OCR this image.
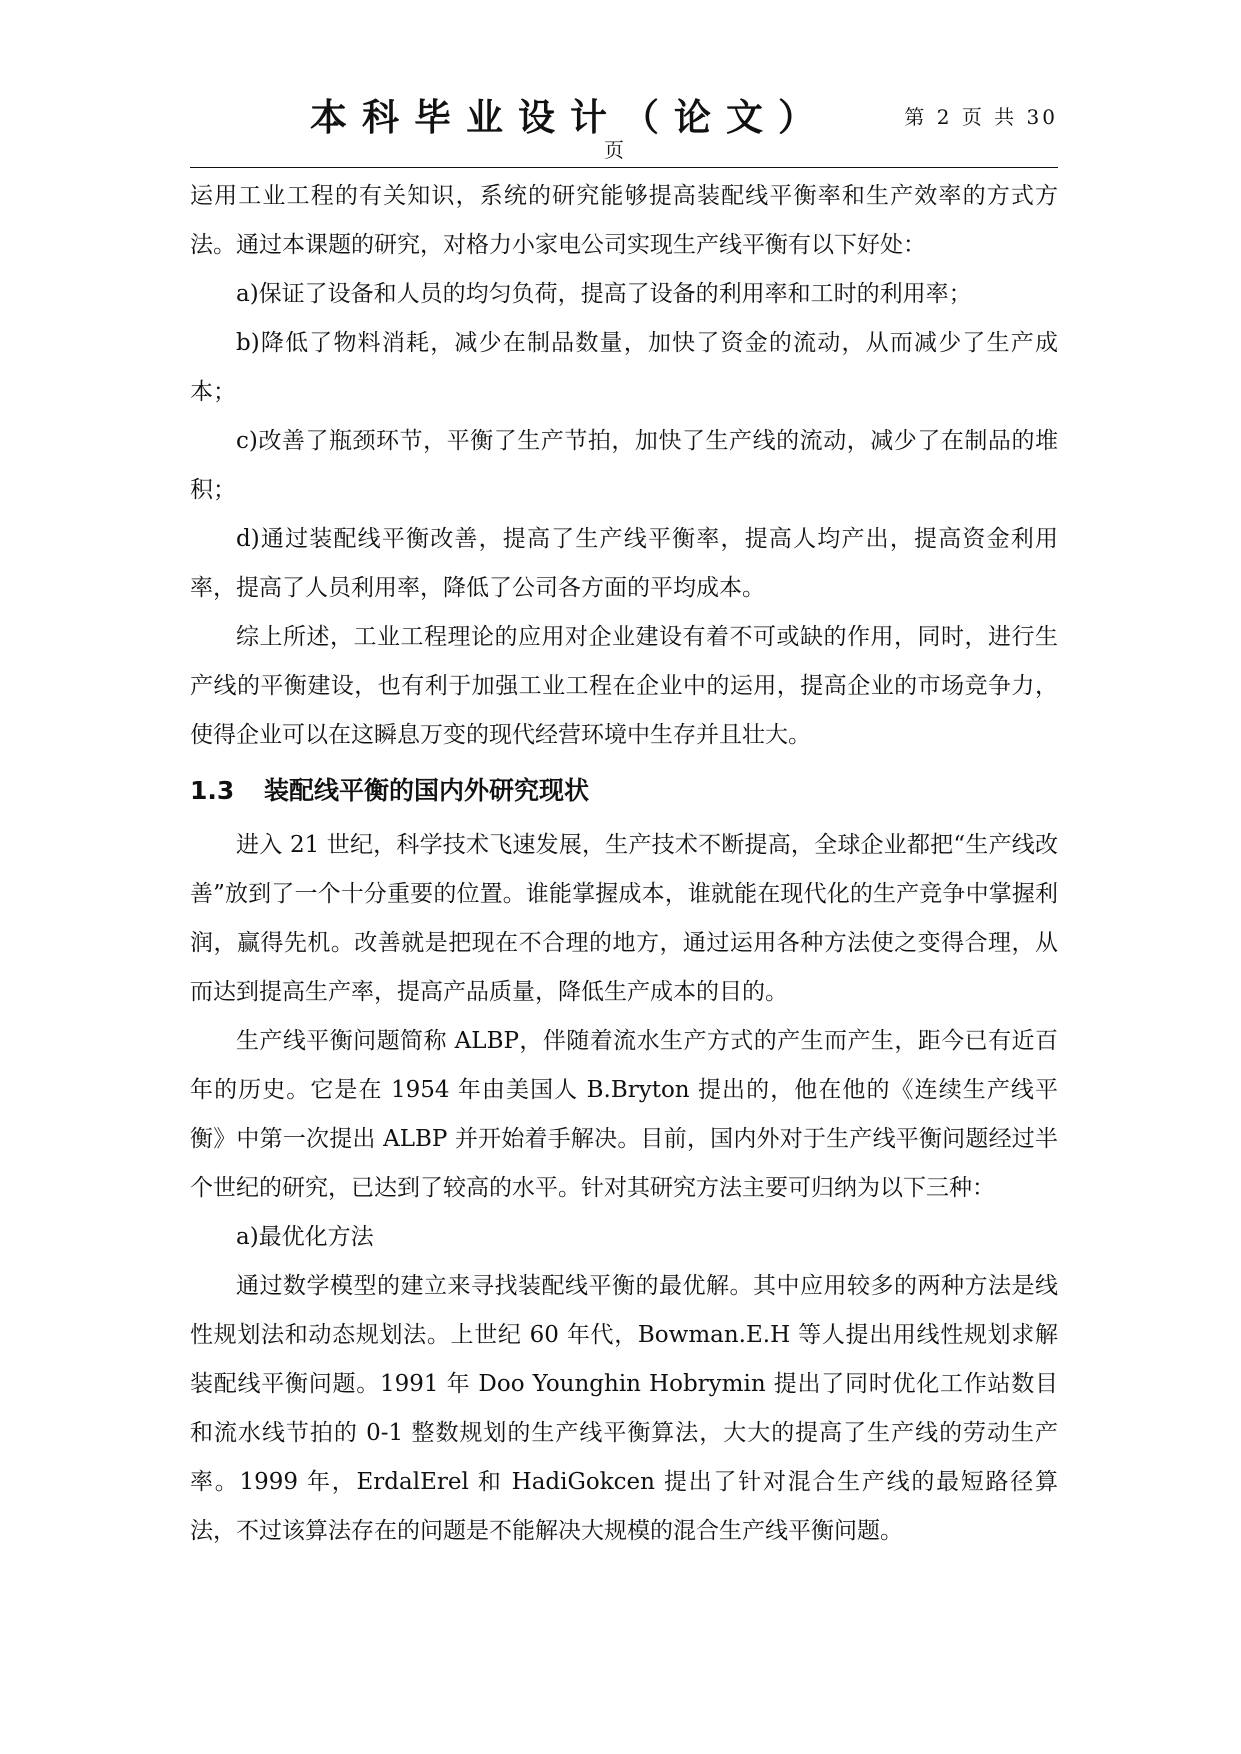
本科毕业设计（论文）	第 2 页 共 30
页

运用工业工程的有关知识，系统的研究能够提高装配线平衡率和生产效率的方式方法。通过本课题的研究，对格力小家电公司实现生产线平衡有以下好处：

a)保证了设备和人员的均匀负荷，提高了设备的利用率和工时的利用率；

b)降低了物料消耗，减少在制品数量，加快了资金的流动，从而减少了生产成本；

c)改善了瓶颈环节，平衡了生产节拍，加快了生产线的流动，减少了在制品的堆积；

d)通过装配线平衡改善，提高了生产线平衡率，提高人均产出，提高资金利用率，提高了人员利用率，降低了公司各方面的平均成本。

综上所述，工业工程理论的应用对企业建设有着不可或缺的作用，同时，进行生产线的平衡建设，也有利于加强工业工程在企业中的运用，提高企业的市场竞争力，使得企业可以在这瞬息万变的现代经营环境中生存并且壮大。

1.3 装配线平衡的国内外研究现状

进入 21 世纪，科学技术飞速发展，生产技术不断提高，全球企业都把“生产线改善”放到了一个十分重要的位置。谁能掌握成本，谁就能在现代化的生产竞争中掌握利润，赢得先机。改善就是把现在不合理的地方，通过运用各种方法使之变得合理，从而达到提高生产率，提高产品质量，降低生产成本的目的。

生产线平衡问题简称 ALBP，伴随着流水生产方式的产生而产生，距今已有近百年的历史。它是在 1954 年由美国人 B.Bryton 提出的，他在他的《连续生产线平衡》中第一次提出 ALBP 并开始着手解决。目前，国内外对于生产线平衡问题经过半个世纪的研究，已达到了较高的水平。针对其研究方法主要可归纳为以下三种：

a)最优化方法

通过数学模型的建立来寻找装配线平衡的最优解。其中应用较多的两种方法是线性规划法和动态规划法。上世纪 60 年代，Bowman.E.H 等人提出用线性规划求解装配线平衡问题。1991 年 Doo Younghin Hobrymin 提出了同时优化工作站数目和流水线节拍的 0-1 整数规划的生产线平衡算法，大大的提高了生产线的劳动生产率。1999 年，ErdalErel 和 HadiGokcen 提出了针对混合生产线的最短路径算法，不过该算法存在的问题是不能解决大规模的混合生产线平衡问题。
